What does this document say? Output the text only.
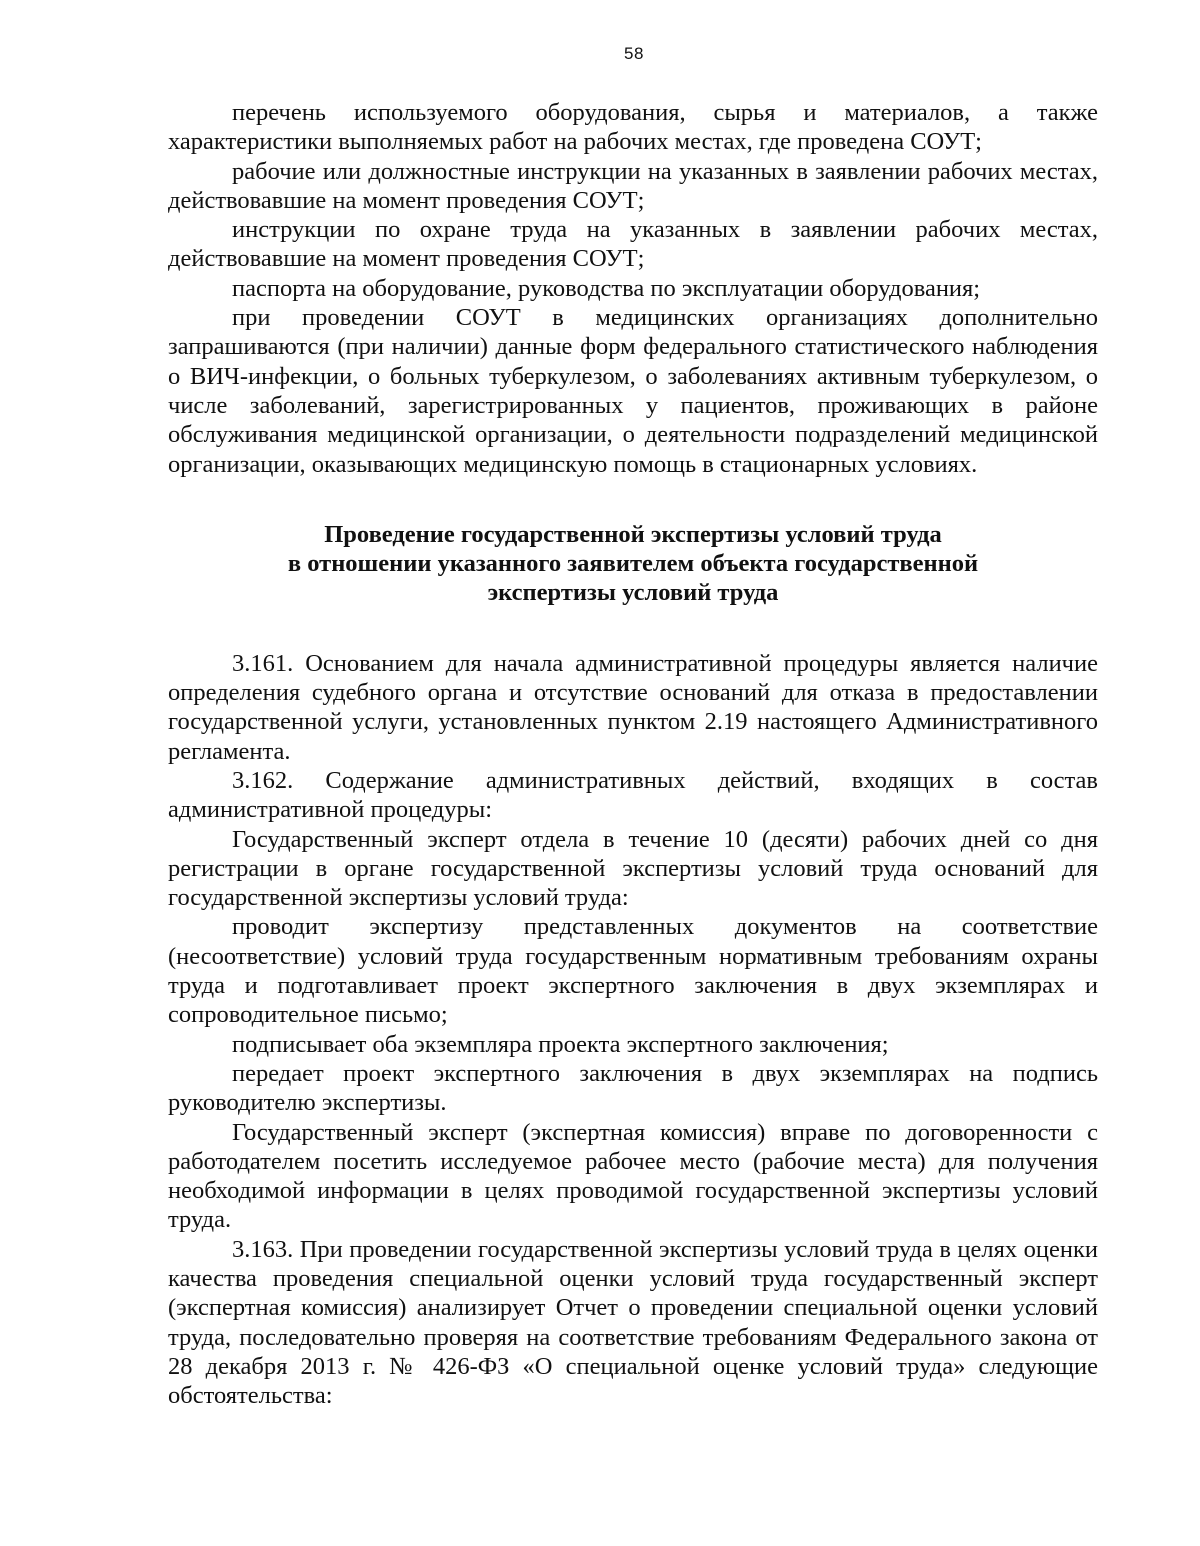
58

перечень используемого оборудования, сырья и материалов, а также характеристики выполняемых работ на рабочих местах, где проведена СОУТ;

рабочие или должностные инструкции на указанных в заявлении рабочих местах, действовавшие на момент проведения СОУТ;

инструкции по охране труда на указанных в заявлении рабочих местах, действовавшие на момент проведения СОУТ;

паспорта на оборудование, руководства по эксплуатации оборудования;

при проведении СОУТ в медицинских организациях дополнительно запрашиваются (при наличии) данные форм федерального статистического наблюдения о ВИЧ-инфекции, о больных туберкулезом, о заболеваниях активным туберкулезом, о числе заболеваний, зарегистрированных у пациентов, проживающих в районе обслуживания медицинской организации, о деятельности подразделений медицинской организации, оказывающих медицинскую помощь в стационарных условиях.

Проведение государственной экспертизы условий труда
в отношении указанного заявителем объекта государственной
экспертизы условий труда

3.161. Основанием для начала административной процедуры является наличие определения судебного органа и отсутствие оснований для отказа в предоставлении государственной услуги, установленных пунктом 2.19 настоящего Административного регламента.

3.162. Содержание административных действий, входящих в состав административной процедуры:

Государственный эксперт отдела в течение 10 (десяти) рабочих дней со дня регистрации в органе государственной экспертизы условий труда оснований для государственной экспертизы условий труда:

проводит экспертизу представленных документов на соответствие (несоответствие) условий труда государственным нормативным требованиям охраны труда и подготавливает проект экспертного заключения в двух экземплярах и сопроводительное письмо;

подписывает оба экземпляра проекта экспертного заключения;

передает проект экспертного заключения в двух экземплярах на подпись руководителю экспертизы.

Государственный эксперт (экспертная комиссия) вправе по договоренности с работодателем посетить исследуемое рабочее место (рабочие места) для получения необходимой информации в целях проводимой государственной экспертизы условий труда.

3.163. При проведении государственной экспертизы условий труда в целях оценки качества проведения специальной оценки условий труда государственный эксперт (экспертная комиссия) анализирует Отчет о проведении специальной оценки условий труда, последовательно проверяя на соответствие требованиям Федерального закона от 28 декабря 2013 г. № 426-ФЗ «О специальной оценке условий труда» следующие обстоятельства:
